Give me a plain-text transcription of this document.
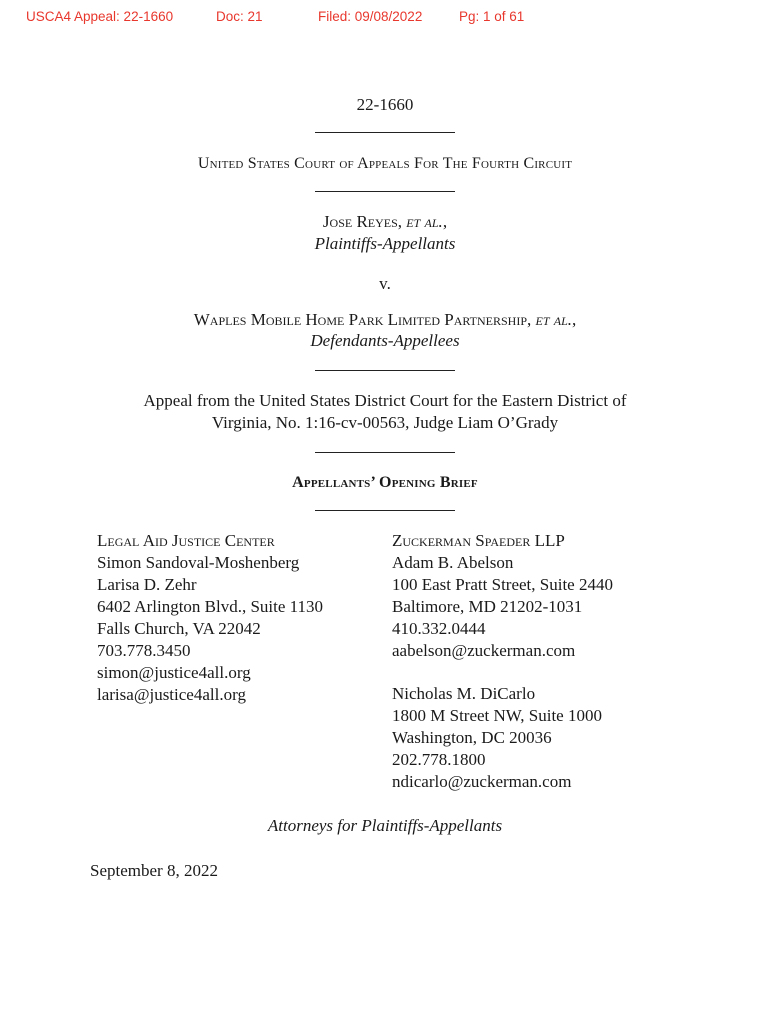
USCA4 Appeal: 22-1660	Doc: 21	Filed: 09/08/2022	Pg: 1 of 61
22-1660
United States Court of Appeals For The Fourth Circuit
Jose Reyes, et al.,
Plaintiffs-Appellants
v.
Waples Mobile Home Park Limited Partnership, et al.,
Defendants-Appellees
Appeal from the United States District Court for the Eastern District of
Virginia, No. 1:16-cv-00563, Judge Liam O’Grady
Appellants’ Opening Brief
Legal Aid Justice Center
Simon Sandoval-Moshenberg
Larisa D. Zehr
6402 Arlington Blvd., Suite 1130
Falls Church, VA 22042
703.778.3450
simon@justice4all.org
larisa@justice4all.org
Zuckerman Spaeder LLP
Adam B. Abelson
100 East Pratt Street, Suite 2440
Baltimore, MD 21202-1031
410.332.0444
aabelson@zuckerman.com
Nicholas M. DiCarlo
1800 M Street NW, Suite 1000
Washington, DC 20036
202.778.1800
ndicarlo@zuckerman.com
Attorneys for Plaintiffs-Appellants
September 8, 2022
